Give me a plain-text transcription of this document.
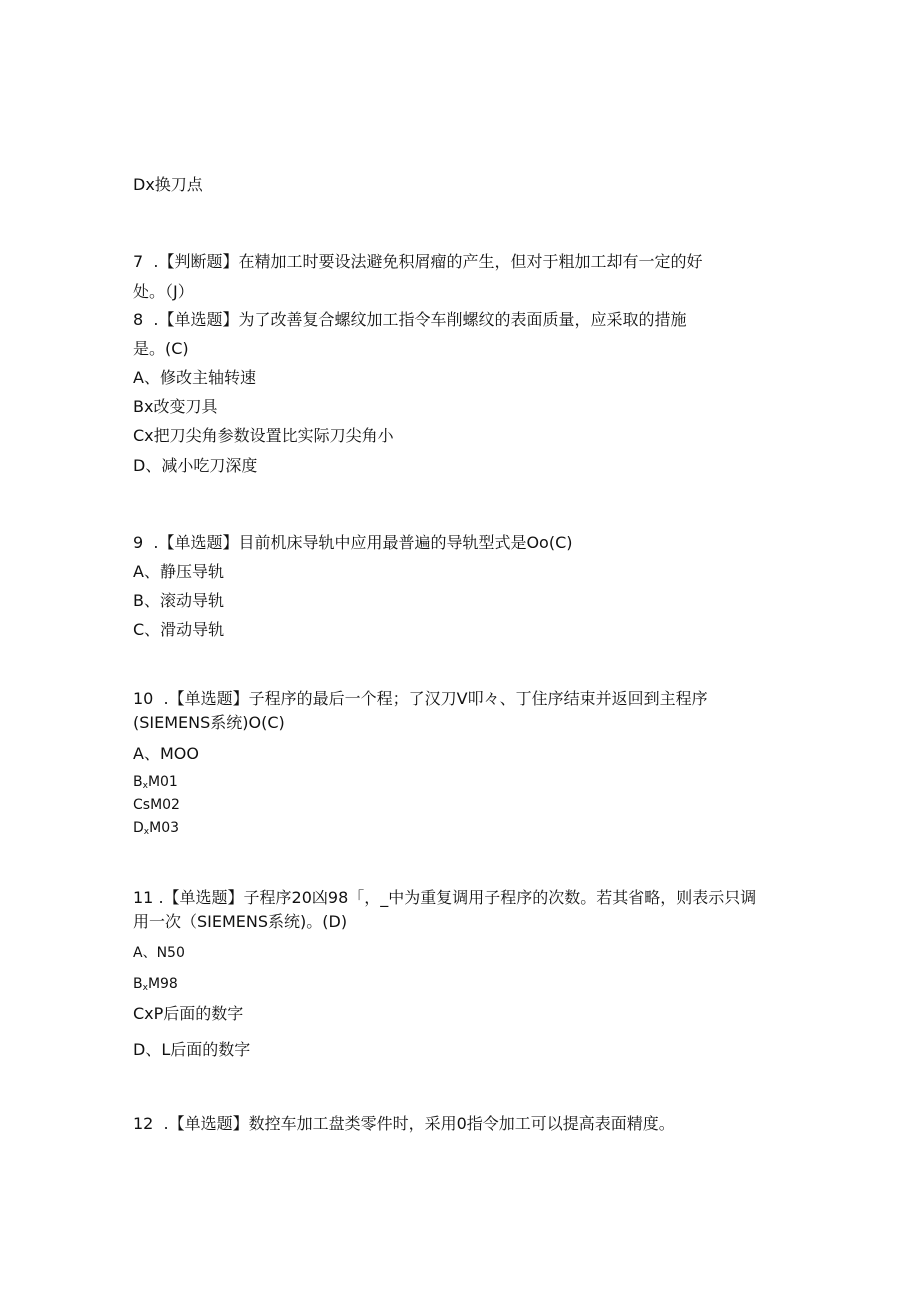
Dx换刀点
7  .【判断题】在精加工时要设法避免积屑瘤的产生，但对于粗加工却有一定的好
处。（J）
8  .【单选题】为了改善复合螺纹加工指令车削螺纹的表面质量，应采取的措施
是。(C)
A、修改主轴转速
Bx改变刀具
Cx把刀尖角参数设置比实际刀尖角小
D、减小吃刀深度
9  .【单选题】目前机床导轨中应用最普遍的导轨型式是Oo(C)
A、静压导轨
B、滚动导轨
C、滑动导轨
10  .【单选题】子程序的最后一个程；了汉刀V叩々、丁住序结束并返回到主程序
(SIEMENS系统)O(C)
A、MOO
$B_xM01$
CsM02
$D_xM03$
11 .【单选题】子程序20凶98「，_中为重复调用子程序的次数。若其省略，则表示只调
用一次（SIEMENS系统)。(D)
A、N50
$B_xM98$
CxP后面的数字
D、L后面的数字
12  .【单选题】数控车加工盘类零件时，采用0指令加工可以提高表面精度。
